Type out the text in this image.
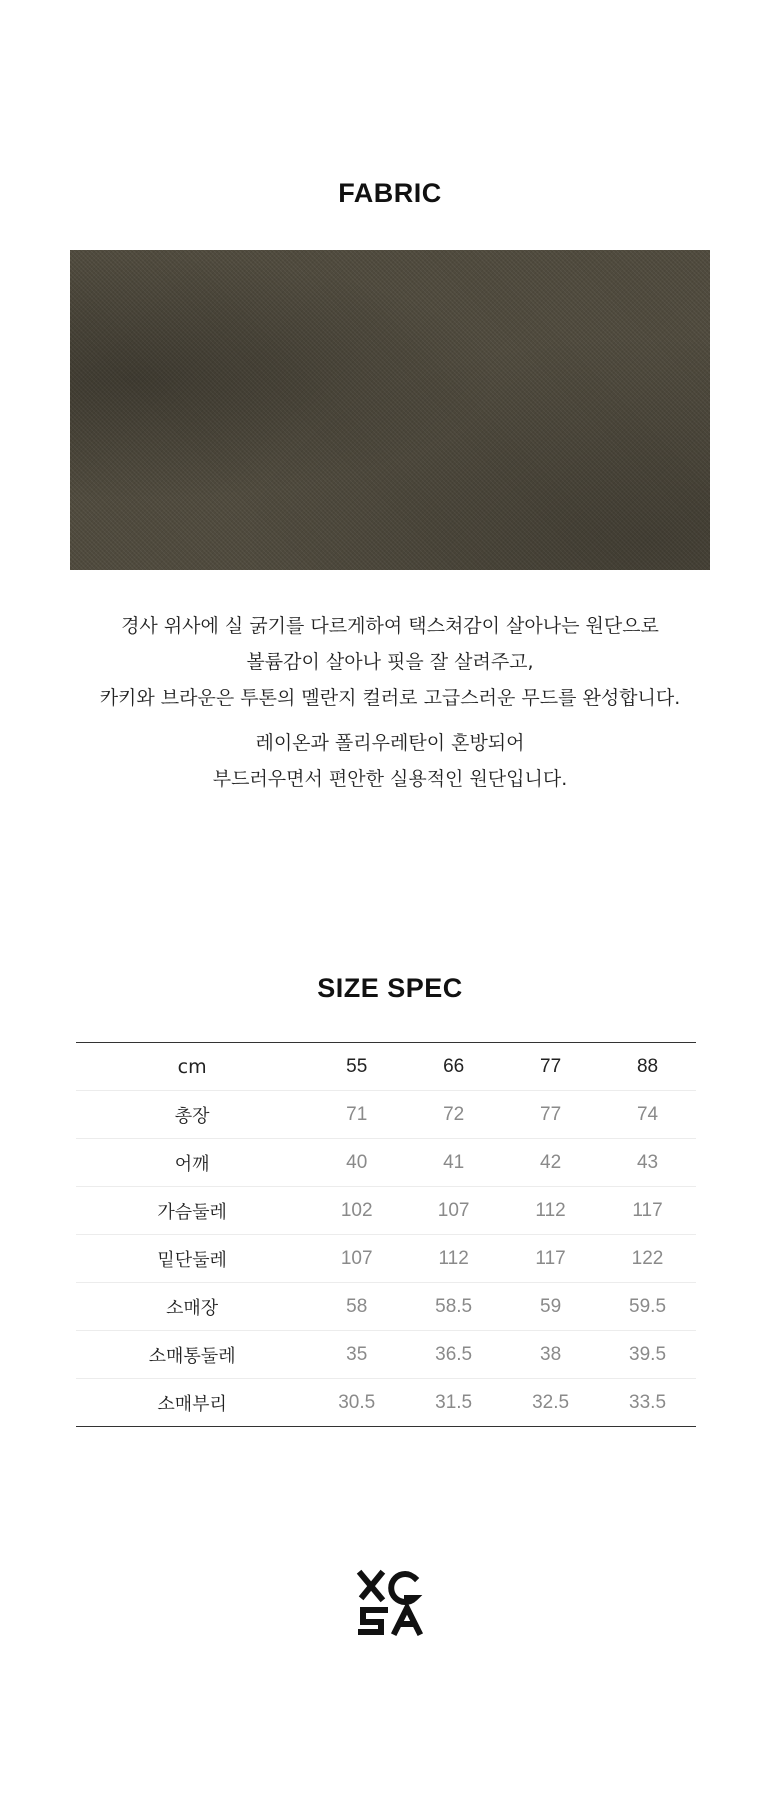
FABRIC
경사 위사에 실 굵기를 다르게하여 택스쳐감이 살아나는 원단으로
볼륨감이 살아나 핏을 잘 살려주고,
카키와 브라운은 투톤의 멜란지 컬러로 고급스러운 무드를 완성합니다.
레이온과 폴리우레탄이 혼방되어
부드러우면서 편안한 실용적인 원단입니다.
SIZE SPEC
cm	55	66	77	88
총장	71	72	77	74
어깨	40	41	42	43
가슴둘레	102	107	112	117
밑단둘레	107	112	117	122
소매장	58	58.5	59	59.5
소매통둘레	35	36.5	38	39.5
소매부리	30.5	31.5	32.5	33.5
